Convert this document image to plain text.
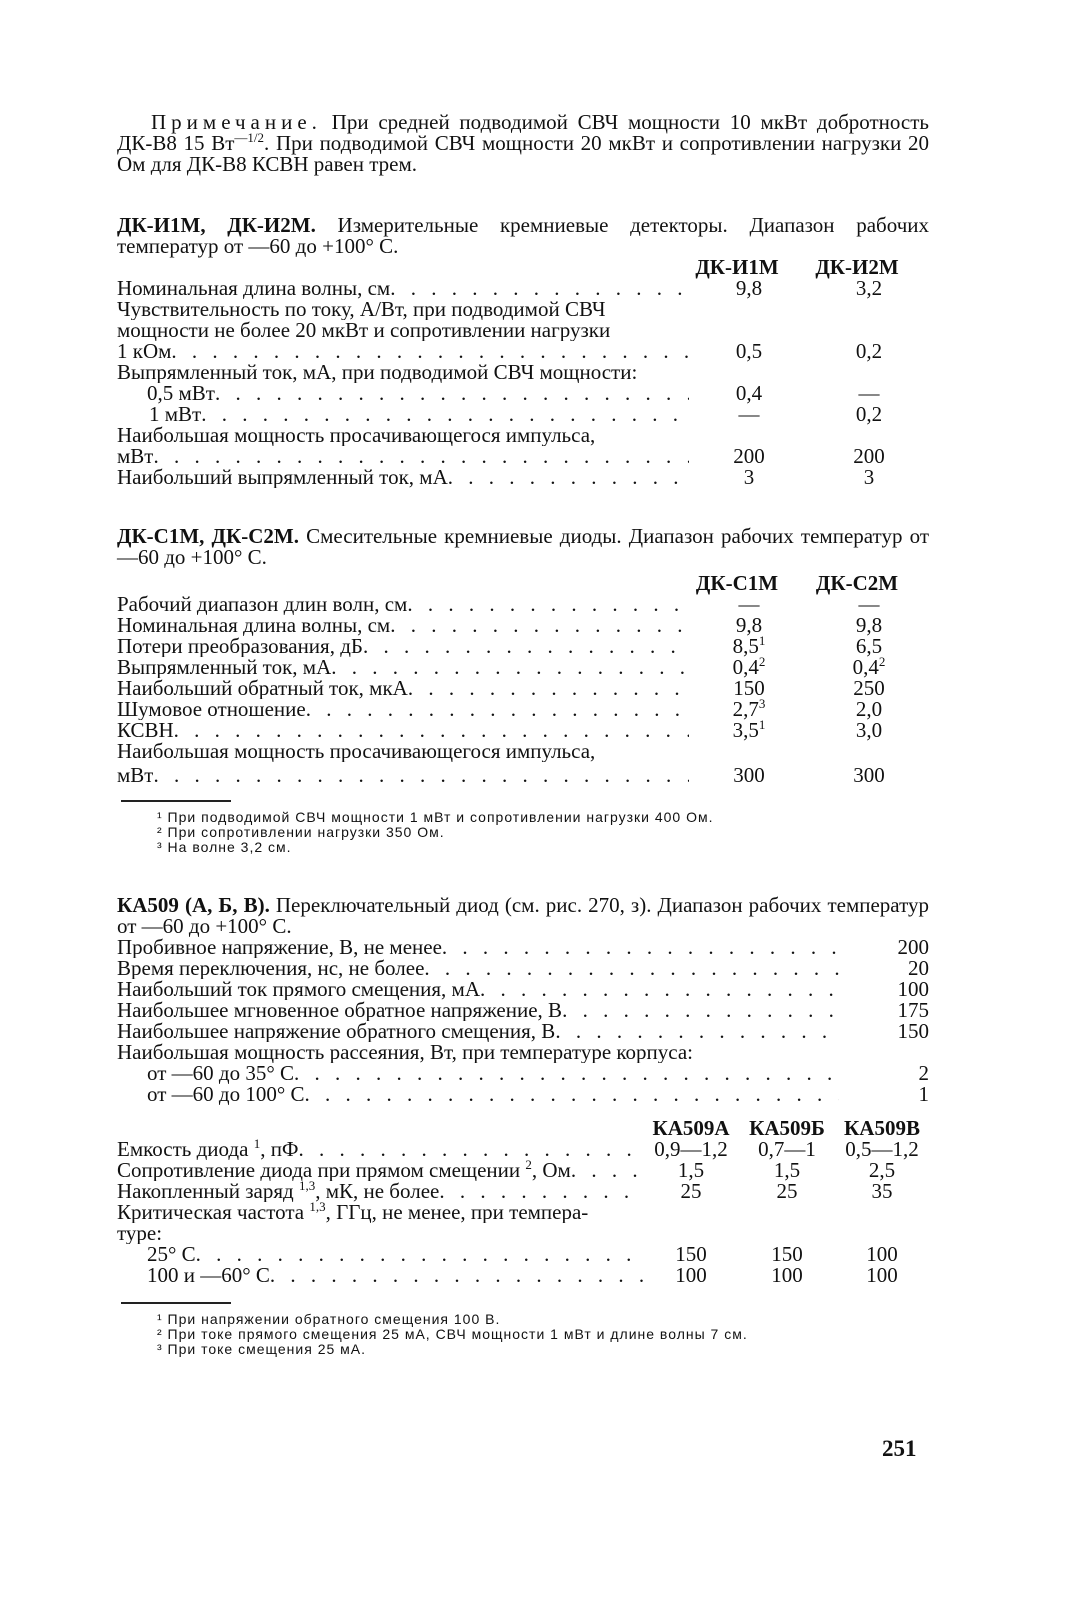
Примечание. При средней подводимой СВЧ мощности 10 мкВт добротность ДК-В8 15 $Вт^{—1/2}$. При подводимой СВЧ мощности 20 мкВт и сопротивлении нагрузки 20 Ом для ДК-В8 КСВН равен трем.

ДК-И1М, ДК-И2М. Измерительные кремниевые детекторы. Диапазон рабочих температур от —60 до +100° С.

ДК-И1М	ДК-И2М
Номинальная длина волны, см . . .	9,8	3,2
Чувствительность по току, А/Вт, при подводимой СВЧ
мощности не более 20 мкВт и сопротивлении нагрузки
1 кОм . . .	0,5	0,2
Выпрямленный ток, мА, при подводимой СВЧ мощности:
0,5 мВт . . .	0,4	—
1 мВт . . .	—	0,2
Наибольшая мощность просачивающегося импульса,
мВт . . .	200	200
Наибольший выпрямленный ток, мА . . .	3	3

ДК-С1М, ДК-С2М. Смесительные кремниевые диоды. Диапазон рабочих температур от —60 до +100° С.

ДК-С1М	ДК-С2М
Рабочий диапазон длин волн, см . . .	—	—
Номинальная длина волны, см . . .	9,8	9,8
Потери преобразования, дБ . . .	$8,5^1$	6,5
Выпрямленный ток, мА . . .	$0,4^2$	$0,4^2$
Наибольший обратный ток, мкА . . .	150	250
Шумовое отношение . . .	$2,7^3$	2,0
КСВН . . .	$3,5^1$	3,0
Наибольшая мощность просачивающегося импульса,
мВт . . .	300	300
¹ При подводимой СВЧ мощности 1 мВт и сопротивлении нагрузки 400 Ом.
² При сопротивлении нагрузки 350 Ом.
³ На волне 3,2 см.

КА509 (А, Б, В). Переключательный диод (см. рис. 270, з). Диапазон рабочих температур от —60 до +100° С.

Пробивное напряжение, В, не менее . . .	200
Время переключения, нс, не более . . .	20
Наибольший ток прямого смещения, мА . . .	100
Наибольшее мгновенное обратное напряжение, В . . .	175
Наибольшее напряжение обратного смещения, В . . .	150
Наибольшая мощность рассеяния, Вт, при температуре корпуса:
от —60 до 35° С . . .	2
от —60 до 100° С . . .	1
КА509А КА509Б КА509В
Емкость диода $^1$, пФ . . .	0,9—1,2	0,7—1	0,5—1,2
Сопротивление диода при прямом смещении $^2$, Ом . . .	1,5	1,5	2,5
Накопленный заряд $^{1,3}$, мК, не более . . .	25	25	35
Критическая частота $^{1,3}$, ГГц, не менее, при темпера-
туре:
25° С . . .	150	150	100
100 и —60° С . . .	100	100	100
¹ При напряжении обратного смещения 100 В.
² При токе прямого смещения 25 мА, СВЧ мощности 1 мВт и длине волны 7 см.
³ При токе смещения 25 мА.
251
